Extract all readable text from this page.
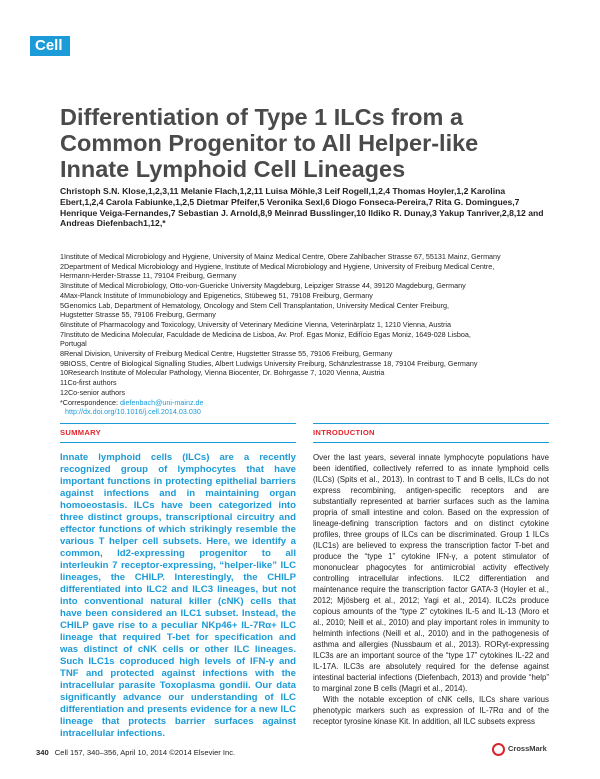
Cell
Differentiation of Type 1 ILCs from a Common Progenitor to All Helper-like Innate Lymphoid Cell Lineages
Christoph S.N. Klose,1,2,3,11 Melanie Flach,1,2,11 Luisa Möhle,3 Leif Rogell,1,2,4 Thomas Hoyler,1,2 Karolina Ebert,1,2,4 Carola Fabiunke,1,2,5 Dietmar Pfeifer,5 Veronika Sexl,6 Diogo Fonseca-Pereira,7 Rita G. Domingues,7 Henrique Veiga-Fernandes,7 Sebastian J. Arnold,8,9 Meinrad Busslinger,10 Ildiko R. Dunay,3 Yakup Tanriver,2,8,12 and Andreas Diefenbach1,12,*
1Institute of Medical Microbiology and Hygiene, University of Mainz Medical Centre, Obere Zahlbacher Strasse 67, 55131 Mainz, Germany
2Department of Medical Microbiology and Hygiene, Institute of Medical Microbiology and Hygiene, University of Freiburg Medical Centre,
Hermann-Herder-Strasse 11, 79104 Freiburg, Germany
3Institute of Medical Microbiology, Otto-von-Guericke University Magdeburg, Leipziger Strasse 44, 39120 Magdeburg, Germany
4Max-Planck Institute of Immunobiology and Epigenetics, Stübeweg 51, 79108 Freiburg, Germany
5Genomics Lab, Department of Hematology, Oncology and Stem Cell Transplantation, University Medical Center Freiburg,
Hugstetter Strasse 55, 79106 Freiburg, Germany
6Institute of Pharmacology and Toxicology, University of Veterinary Medicine Vienna, Veterinärplatz 1, 1210 Vienna, Austria
7Instituto de Medicina Molecular, Faculdade de Medicina de Lisboa, Av. Prof. Egas Moniz, Edifício Egas Moniz, 1649-028 Lisboa,
Portugal
8Renal Division, University of Freiburg Medical Centre, Hugstetter Strasse 55, 79106 Freiburg, Germany
9BIOSS, Centre of Biological Signalling Studies, Albert Ludwigs University Freiburg, Schänzlestrasse 18, 79104 Freiburg, Germany
10Research Institute of Molecular Pathology, Vienna Biocenter, Dr. Bohrgasse 7, 1020 Vienna, Austria
11Co-first authors
12Co-senior authors
*Correspondence: diefenbach@uni-mainz.de
http://dx.doi.org/10.1016/j.cell.2014.03.030
SUMMARY
Innate lymphoid cells (ILCs) are a recently recognized group of lymphocytes that have important functions in protecting epithelial barriers against infections and in maintaining organ homoeostasis. ILCs have been categorized into three distinct groups, transcriptional circuitry and effector functions of which strikingly resemble the various T helper cell subsets. Here, we identify a common, Id2-expressing progenitor to all interleukin 7 receptor-expressing, “helper-like” ILC lineages, the CHILP. Interestingly, the CHILP differentiated into ILC2 and ILC3 lineages, but not into conventional natural killer (cNK) cells that have been considered an ILC1 subset. Instead, the CHILP gave rise to a peculiar NKp46+ IL-7Rα+ ILC lineage that required T-bet for specification and was distinct of cNK cells or other ILC lineages. Such ILC1s coproduced high levels of IFN-γ and TNF and protected against infections with the intracellular parasite Toxoplasma gondii. Our data significantly advance our understanding of ILC differentiation and presents evidence for a new ILC lineage that protects barrier surfaces against intracellular infections.
INTRODUCTION

Over the last years, several innate lymphocyte populations have been identified, collectively referred to as innate lymphoid cells (ILCs) (Spits et al., 2013). In contrast to T and B cells, ILCs do not express recombining, antigen-specific receptors and are substantially represented at barrier surfaces such as the lamina propria of small intestine and colon. Based on the expression of lineage-defining transcription factors and on distinct cytokine profiles, three groups of ILCs can be discriminated. Group 1 ILCs (ILC1s) are believed to express the transcription factor T-bet and produce the “type 1” cytokine IFN-γ, a potent stimulator of mononuclear phagocytes for antimicrobial activity effectively controlling intracellular infections. ILC2 differentiation and maintenance require the transcription factor GATA-3 (Hoyler et al., 2012; Mjösberg et al., 2012; Yagi et al., 2014). ILC2s produce copious amounts of the “type 2” cytokines IL-5 and IL-13 (Moro et al., 2010; Neill et al., 2010) and play important roles in immunity to helminth infections (Neill et al., 2010) and in the pathogenesis of asthma and allergies (Nussbaum et al., 2013). RORγt-expressing ILC3s are an important source of the “type 17” cytokines IL-22 and IL-17A. ILC3s are absolutely required for the defense against intestinal bacterial infections (Diefenbach, 2013) and provide “help” to marginal zone B cells (Magri et al., 2014).

With the notable exception of cNK cells, ILCs share various phenotypic markers such as expression of IL-7Rα and of the receptor tyrosine kinase Kit. In addition, all ILC subsets express

340 Cell 157, 340–356, April 10, 2014 ©2014 Elsevier Inc.	CrossMark
